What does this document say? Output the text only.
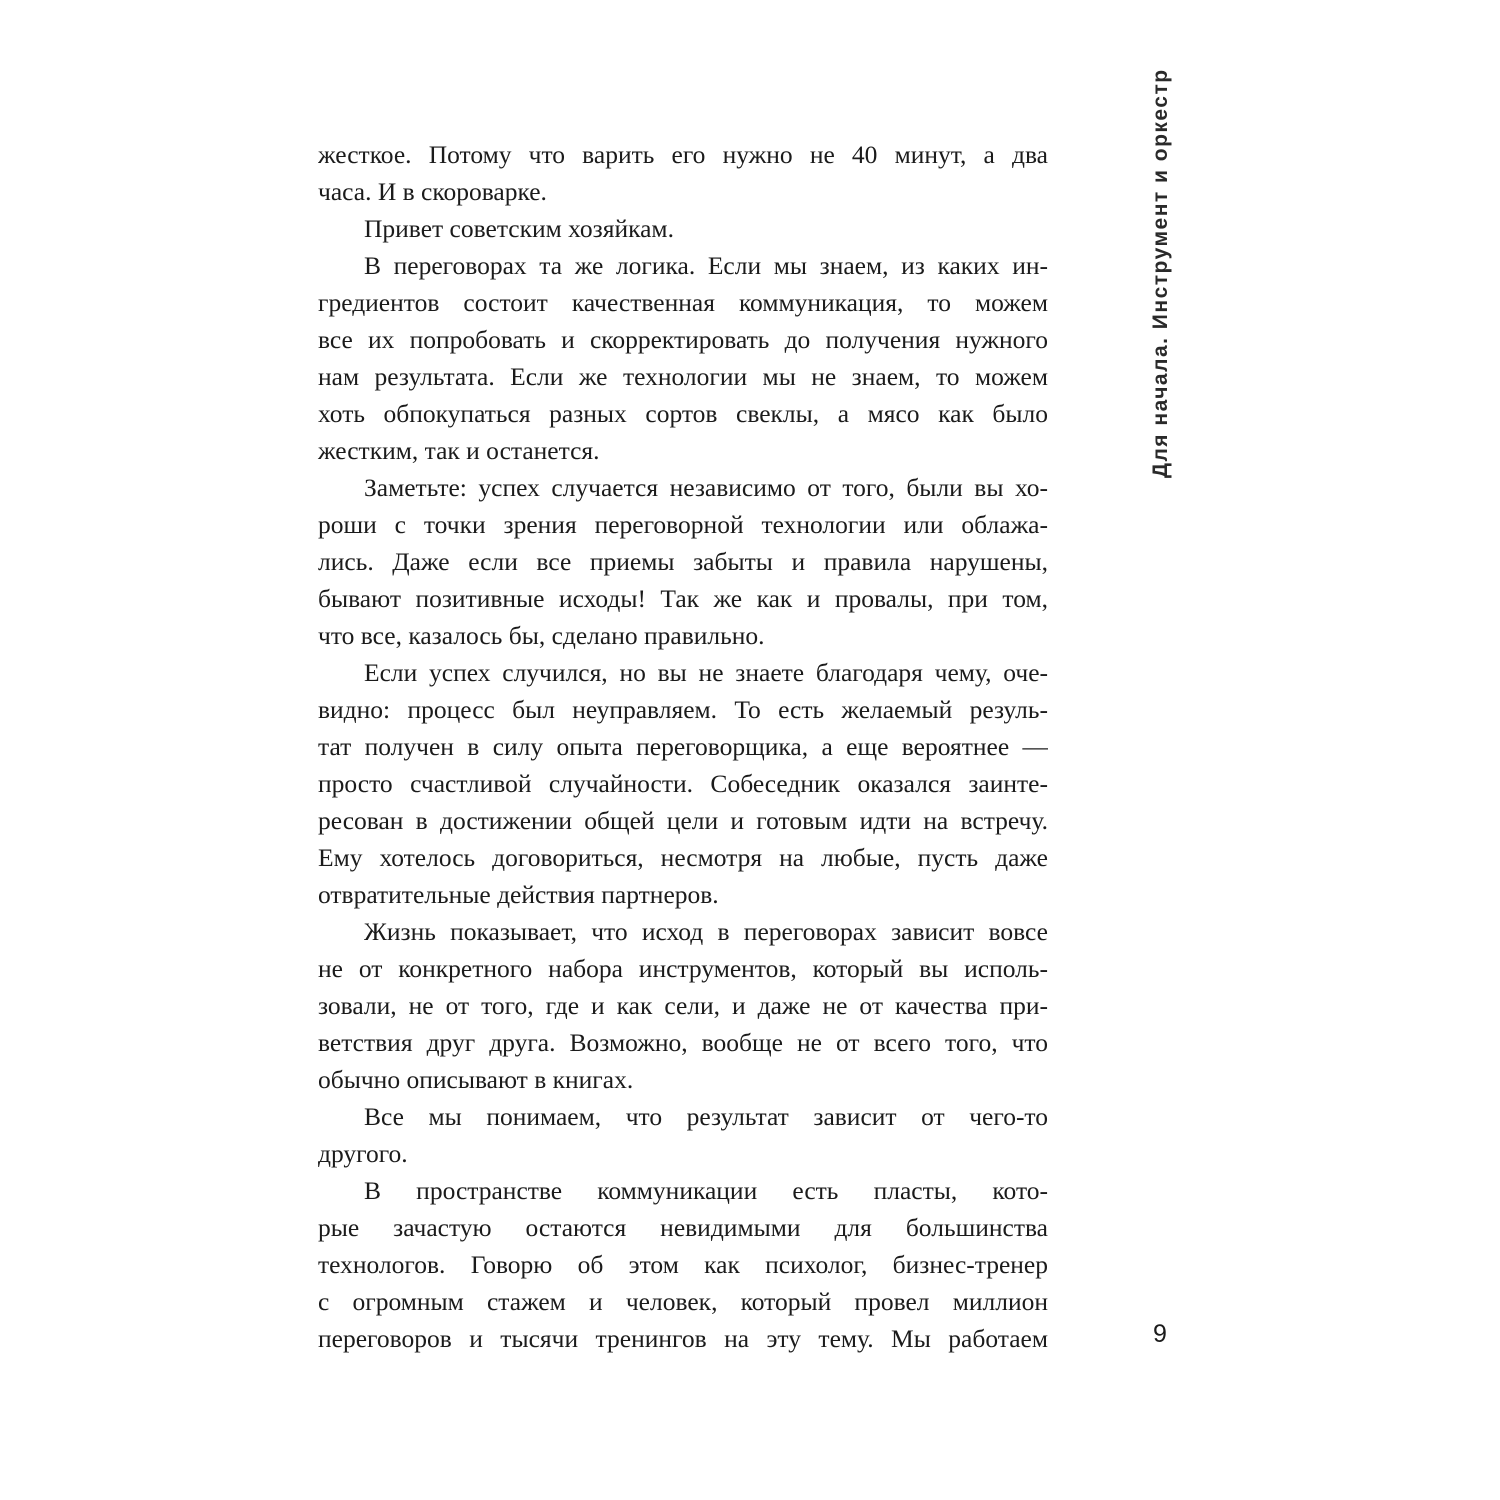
жесткое. Потому что варить его нужно не 40 минут, а два
часа. И в скороварке.
Привет советским хозяйкам.
В переговорах та же логика. Если мы знаем, из каких ин-
гредиентов состоит качественная коммуникация, то можем
все их попробовать и скорректировать до получения нужного
нам результата. Если же технологии мы не знаем, то можем
хоть обпокупаться разных сортов свеклы, а мясо как было
жестким, так и останется.
Заметьте: успех случается независимо от того, были вы хо-
роши с точки зрения переговорной технологии или облажа-
лись. Даже если все приемы забыты и правила нарушены,
бывают позитивные исходы! Так же как и провалы, при том,
что все, казалось бы, сделано правильно.
Если успех случился, но вы не знаете благодаря чему, оче-
видно: процесс был неуправляем. То есть желаемый резуль-
тат получен в силу опыта переговорщика, а еще вероятнее —
просто счастливой случайности. Собеседник оказался заинте-
ресован в достижении общей цели и готовым идти на встречу.
Ему хотелось договориться, несмотря на любые, пусть даже
отвратительные действия партнеров.
Жизнь показывает, что исход в переговорах зависит вовсе
не от конкретного набора инструментов, который вы исполь-
зовали, не от того, где и как сели, и даже не от качества при-
ветствия друг друга. Возможно, вообще не от всего того, что
обычно описывают в книгах.
Все мы понимаем, что результат зависит от чего-то
другого.
В пространстве коммуникации есть пласты, кото-
рые зачастую остаются невидимыми для большинства
технологов. Говорю об этом как психолог, бизнес-тренер
с огромным стажем и человек, который провел миллион
переговоров и тысячи тренингов на эту тему. Мы работаем
Для начала. Инструмент и оркестр
9
